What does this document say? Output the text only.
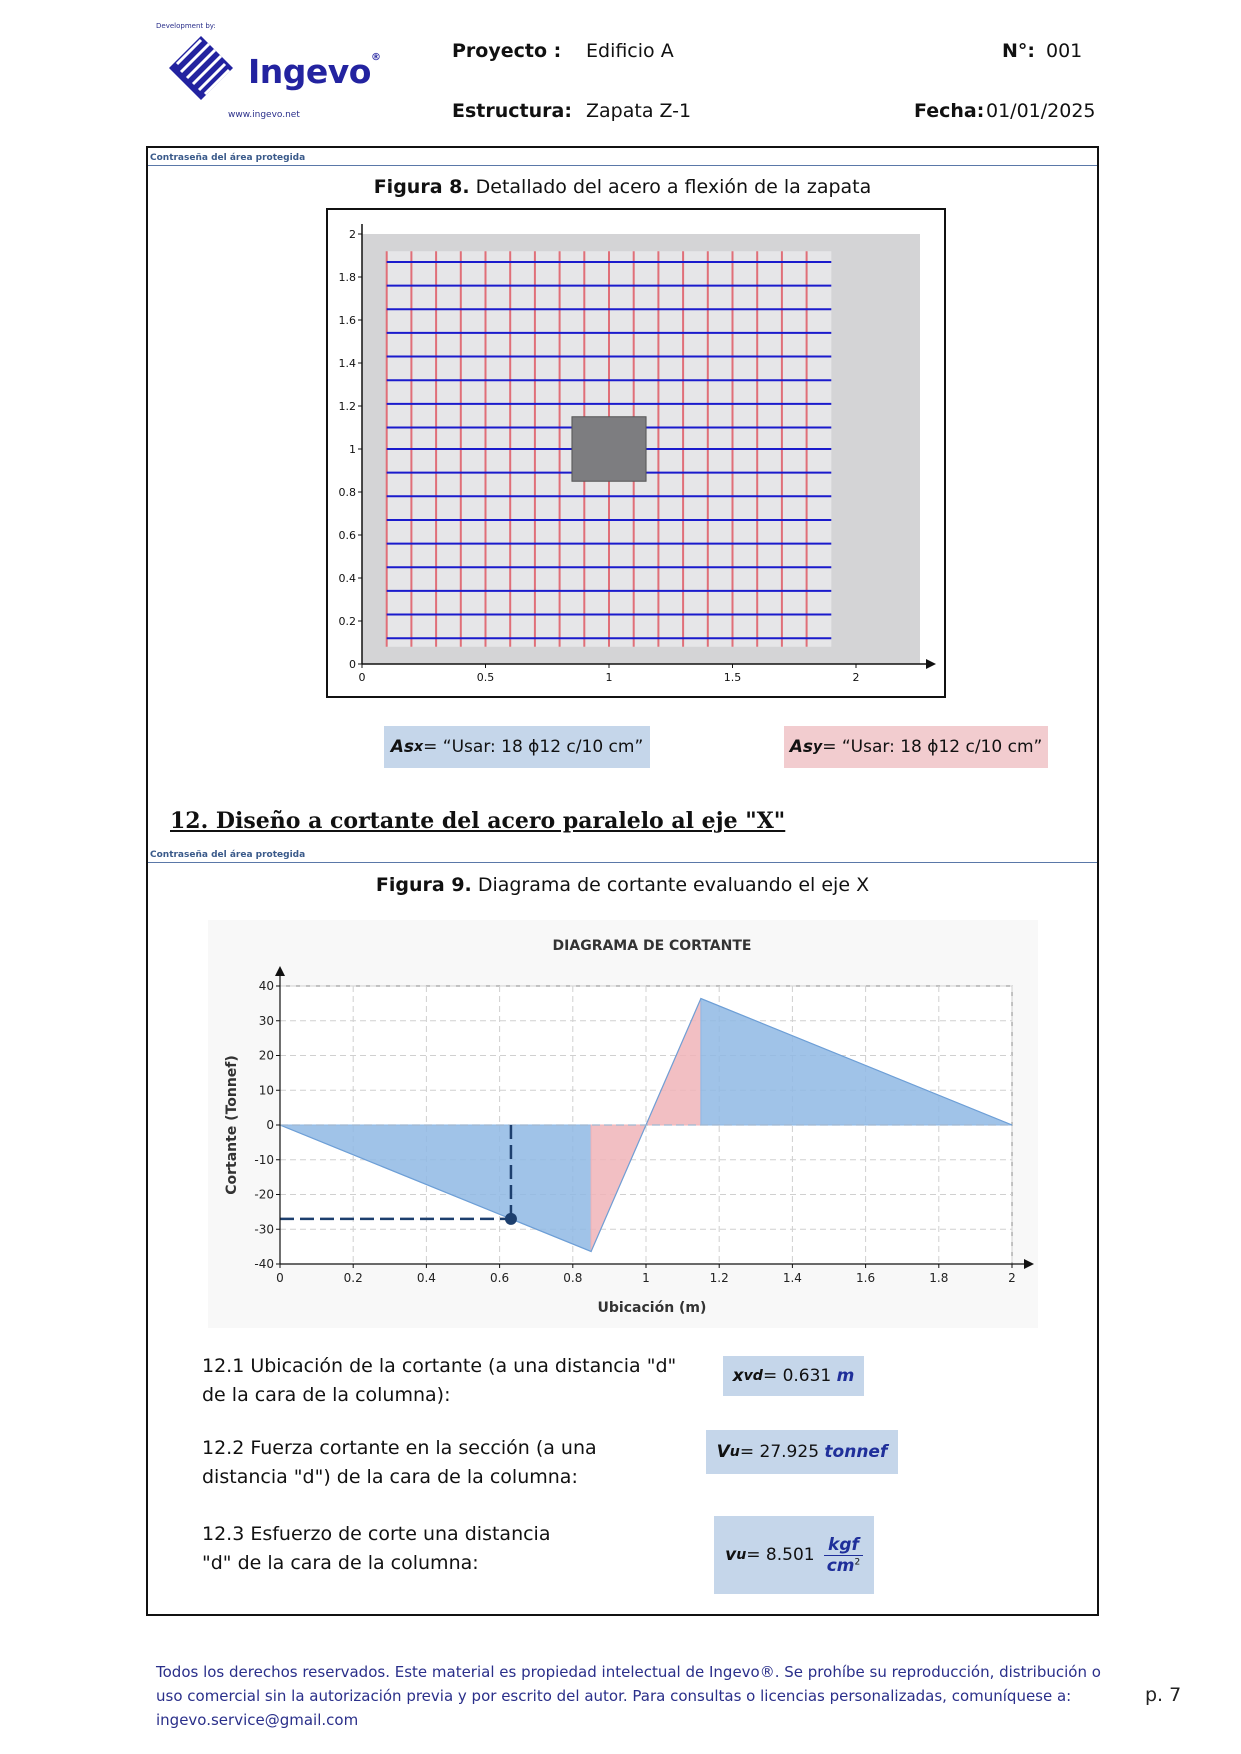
Development by:
Ingevo®
www.ingevo.net
Proyecto : Edificio A	N°: 001
Estructura: Zapata Z-1	Fecha: 01/01/2025
Contraseña del área protegida
Figura 8. Detallado del acero a flexión de la zapata
0	0.5	1	1.5	2
0
0.2
0.4
0.6
0.8
1
1.2
1.4
1.6
1.8
2
As x = “Usar: 18 ϕ12 c/10 cm”	As y = “Usar: 18 ϕ12 c/10 cm”
12. Diseño a cortante del acero paralelo al eje "X"
Contraseña del área protegida
Figura 9. Diagrama de cortante evaluando el eje X
DIAGRAMA DE CORTANTE
0	0.2	0.4	0.6	0.8	1	1.2	1.4	1.6	1.8	2
-40
-30
-20
-10
0
10
20
30
40
Ubicación (m)
Cortante (Tonnef)
12.1 Ubicación de la cortante (a una distancia "d"
de la cara de la columna):
x vd = 0.631
m
12.2 Fuerza cortante en la sección (a una
distancia "d") de la cara de la columna:
V u = 27.925
tonnef
12.3 Esfuerzo de corte una distancia
"d" de la cara de la columna:	v u = 8.501

kgf
$cm^2$
Todos los derechos reservados. Este material es propiedad intelectual de Ingevo®. Se prohíbe su reproducción, distribución o uso comercial sin la autorización previa y por escrito del autor. Para consultas o licencias personalizadas, comuníquese a: ingevo.service@gmail.com
p. 7
